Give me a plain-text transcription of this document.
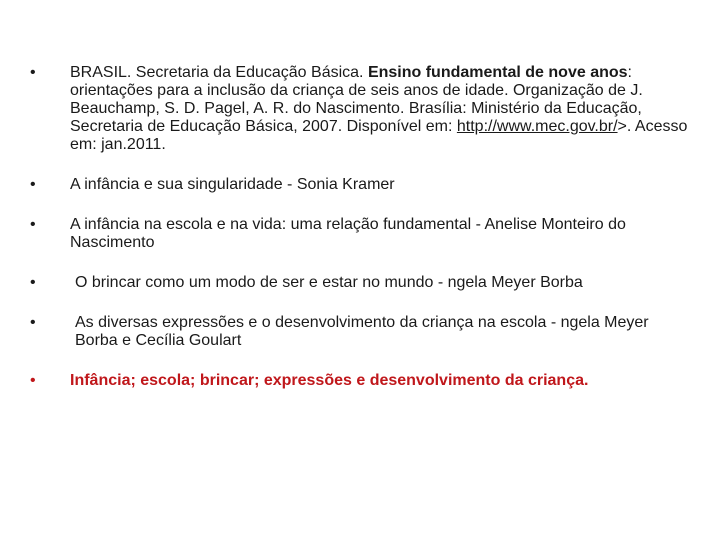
•	BRASIL. Secretaria da Educação Básica. Ensino fundamental de nove anos: orientações para a inclusão da criança de seis anos de idade. Organização de J. Beauchamp, S. D. Pagel, A. R. do Nascimento. Brasília: Ministério da Educação, Secretaria de Educação Básica, 2007. Disponível em: http://www.mec.gov.br/>. Acesso em: jan.2011.
•	A infância e sua singularidade - Sonia Kramer
•	A infância na escola e na vida: uma relação fundamental - Anelise Monteiro do Nascimento
•	O brincar como um modo de ser e estar no mundo - ngela Meyer Borba
•	As diversas expressões e o desenvolvimento da criança na escola - ngela Meyer Borba e Cecília Goulart
•	Infância; escola; brincar; expressões e desenvolvimento da criança.
